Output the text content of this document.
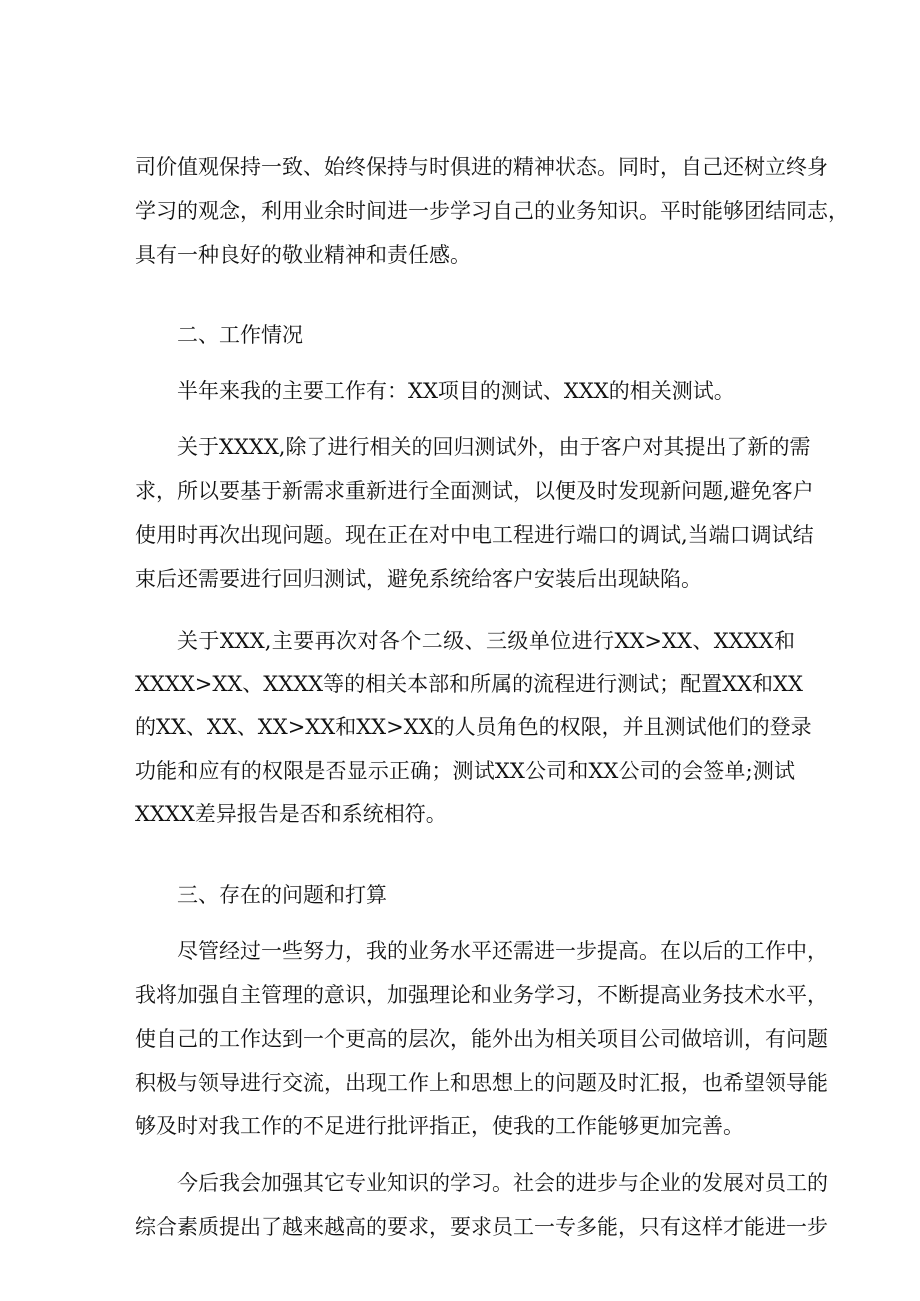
司价值观保持一致、始终保持与时俱进的精神状态。同时，自己还树立终身
学习的观念，利用业余时间进一步学习自己的业务知识。平时能够团结同志，
具有一种良好的敬业精神和责任感。
二、工作情况
半年来我的主要工作有：XX项目的测试、XXX的相关测试。
关于XXXX,除了进行相关的回归测试外，由于客户对其提出了新的需
求，所以要基于新需求重新进行全面测试，以便及时发现新问题,避免客户
使用时再次出现问题。现在正在对中电工程进行端口的调试,当端口调试结
束后还需要进行回归测试，避免系统给客户安装后出现缺陷。
关于XXX,主要再次对各个二级、三级单位进行XX>XX、XXXX和
XXXX>XX、XXXX等的相关本部和所属的流程进行测试；配置XX和XX
的XX、XX、XX>XX和XX>XX的人员角色的权限，并且测试他们的登录
功能和应有的权限是否显示正确；测试XX公司和XX公司的会签单;测试
XXXX差异报告是否和系统相符。
三、存在的问题和打算
尽管经过一些努力，我的业务水平还需进一步提高。在以后的工作中，
我将加强自主管理的意识，加强理论和业务学习，不断提高业务技术水平，
使自己的工作达到一个更高的层次，能外出为相关项目公司做培训，有问题
积极与领导进行交流，出现工作上和思想上的问题及时汇报，也希望领导能
够及时对我工作的不足进行批评指正，使我的工作能够更加完善。
今后我会加强其它专业知识的学习。社会的进步与企业的发展对员工的
综合素质提出了越来越高的要求，要求员工一专多能，只有这样才能进一步
